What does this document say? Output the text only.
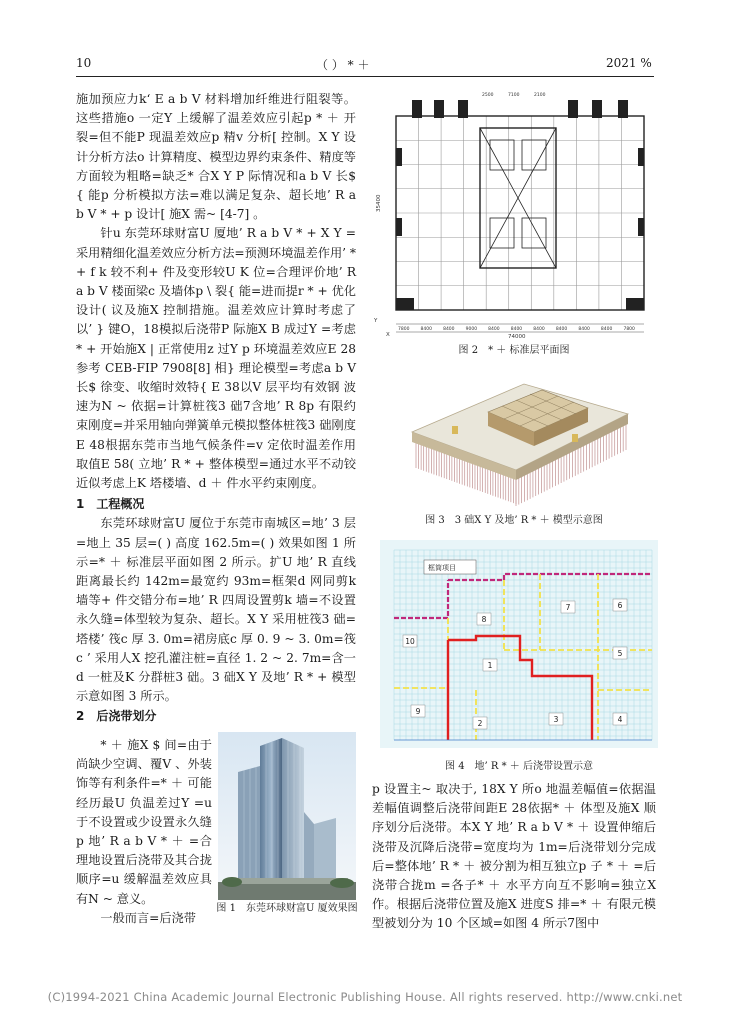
10	（ ） * ＋	2021 %

施加预应力k‘ E a b V 材料增加纤维进行阻裂等。这些措施o 一定Y 上缓解了温差效应引起p * ＋ 开裂=但不能P 现温差效应p 精v 分析[ 控制。X Y 设计分析方法o 计算精度、模型边界约束条件、精度等方面较为粗略=缺乏* 合X Y P 际情况和a b V 长$ { 能p 分析模拟方法=难以满足复杂、超长地’ R a b V * + p 设计[ 施X 需~ [4-7] 。

针u 东莞环球财富U 厦地’ R a b V * + X Y =采用精细化温差效应分析方法=预测环境温差作用’ * + f k 较不利+ 件及变形较U K 位=合理评价地’ R a b V 楼面梁c 及墙体p \ 裂{ 能=进而提r * + 优化设计( 议及施X 控制措施。温差效应计算时考虑了以’ } 键O，18模拟后浇带P 际施X B 成过Y =考虑* + 开始施X | 正常使用z 过Y p 环境温差效应E 28参考 CEB-FIP 7908[8] 相} 理论模型=考虑a b V 长$ 徐变、收缩时效特{ E 38以V 层平均有效钢 波速为N ~ 依据=计算桩筏3 础7含地’ R 8p 有限约束刚度=并采用轴向弹簧单元模拟整体桩筏3 础刚度E 48根据东莞市当地气候条件=v 定依时温差作用取值E 58( 立地’ R * + 整体模型=通过水平不动铰近似考虑上K 塔楼墙、d ＋ 件水平约束刚度。

1　工程概况

东莞环球财富U 厦位于东莞市南城区=地’ 3 层=地上 35 层=( ) 高度 162.5m=( ) 效果如图 1 所示=* ＋ 标准层平面如图 2 所示。扩U 地’ R 直线距离最长约 142m=最宽约 93m=框架d 网同剪k 墙等+ 件交错分布=地’ R 四周设置剪k 墙=不设置永久缝=体型较为复杂、超长。X Y 采用桩筏3 础=塔楼’ 筏c 厚 3. 0m=裙房底c 厚 0. 9 ~ 3. 0m=筏c ’ 采用人X 挖孔灌注桩=直径 1. 2 ~ 2. 7m=含一d 一桩及K 分群桩3 础。3 础X Y 及地’ R * + 模型示意如图 3 所示。

2　后浇带划分

* ＋ 施X $ 间=由于尚缺少空调、覆V 、外装饰等有利条件=* ＋ 可能经历最U 负温差过Y =u 于不设置或少设置永久缝p 地’ R a b V * ＋ =合理地设置后浇带及其合拢顺序=u 缓解温差效应具有N ~ 意义。

一般而言=后浇带

图 1　东莞环球财富U 厦效果图
35400
Y
X	74000
7800 8400 8400 9000 8400 8400 8400 8400 8400 8400 7800
2500	7100	2100
图 2　* ＋ 标准层平面图
图 3　3 础X Y 及地’ R * ＋ 模型示意图
框筒项目
1
2	3	4
5
6
7
8
9
10
图 4　地’ R * ＋ 后浇带设置示意

p 设置主~ 取决于, 18X Y 所o 地温差幅值=依据温差幅值调整后浇带间距E 28依据* ＋ 体型及施X 顺序划分后浇带。本X Y 地’ R a b V * ＋ 设置伸缩后浇带及沉降后浇带=宽度均为 1m=后浇带划分完成后=整体地’ R * ＋ 被分割为相互独立p 子 * ＋ =后浇带合拢m =各子* ＋ 水平方向互不影响=独立X 作。根据后浇带位置及施X 进度S 排=* ＋ 有限元模型被划分为 10 个区域=如图 4 所示7图中

(C)1994-2021 China Academic Journal Electronic Publishing House. All rights reserved. http://www.cnki.net
